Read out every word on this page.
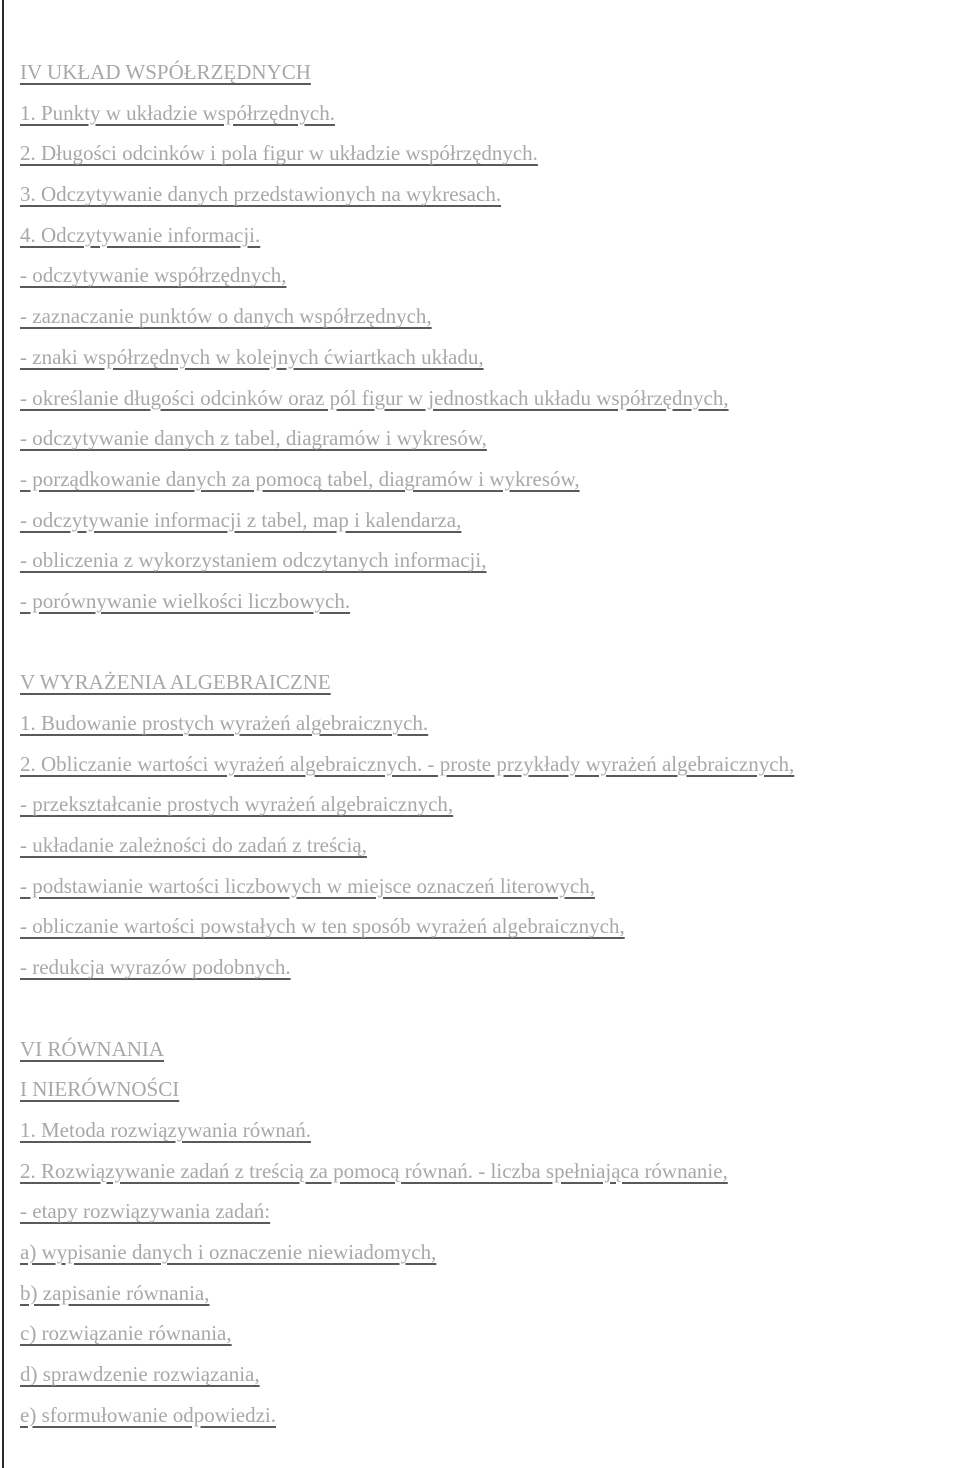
IV UKŁAD WSPÓŁRZĘDNYCH
1. Punkty w układzie współrzędnych.
2. Długości odcinków i pola figur w układzie współrzędnych.
3. Odczytywanie danych przedstawionych na wykresach.
4. Odczytywanie informacji.
- odczytywanie współrzędnych,
- zaznaczanie punktów o danych współrzędnych,
- znaki współrzędnych w kolejnych ćwiartkach układu,
- określanie długości odcinków oraz pól figur w jednostkach układu współrzędnych,
- odczytywanie danych z tabel, diagramów i wykresów,
- porządkowanie danych za pomocą tabel, diagramów i wykresów,
- odczytywanie informacji z tabel, map i kalendarza,
- obliczenia z wykorzystaniem odczytanych informacji,
- porównywanie wielkości liczbowych.
V WYRAŻENIA ALGEBRAICZNE
1. Budowanie prostych wyrażeń algebraicznych.
2. Obliczanie wartości wyrażeń algebraicznych. - proste przykłady wyrażeń algebraicznych,
- przekształcanie prostych wyrażeń algebraicznych,
- układanie zależności do zadań z treścią,
- podstawianie wartości liczbowych w miejsce oznaczeń literowych,
- obliczanie wartości powstałych w ten sposób wyrażeń algebraicznych,
- redukcja wyrazów podobnych.
VI RÓWNANIA
I NIERÓWNOŚCI
1. Metoda rozwiązywania równań.
2. Rozwiązywanie zadań z treścią za pomocą równań. - liczba spełniająca równanie,
- etapy rozwiązywania zadań:
a) wypisanie danych i oznaczenie niewiadomych,
b) zapisanie równania,
c) rozwiązanie równania,
d) sprawdzenie rozwiązania,
e) sformułowanie odpowiedzi.
